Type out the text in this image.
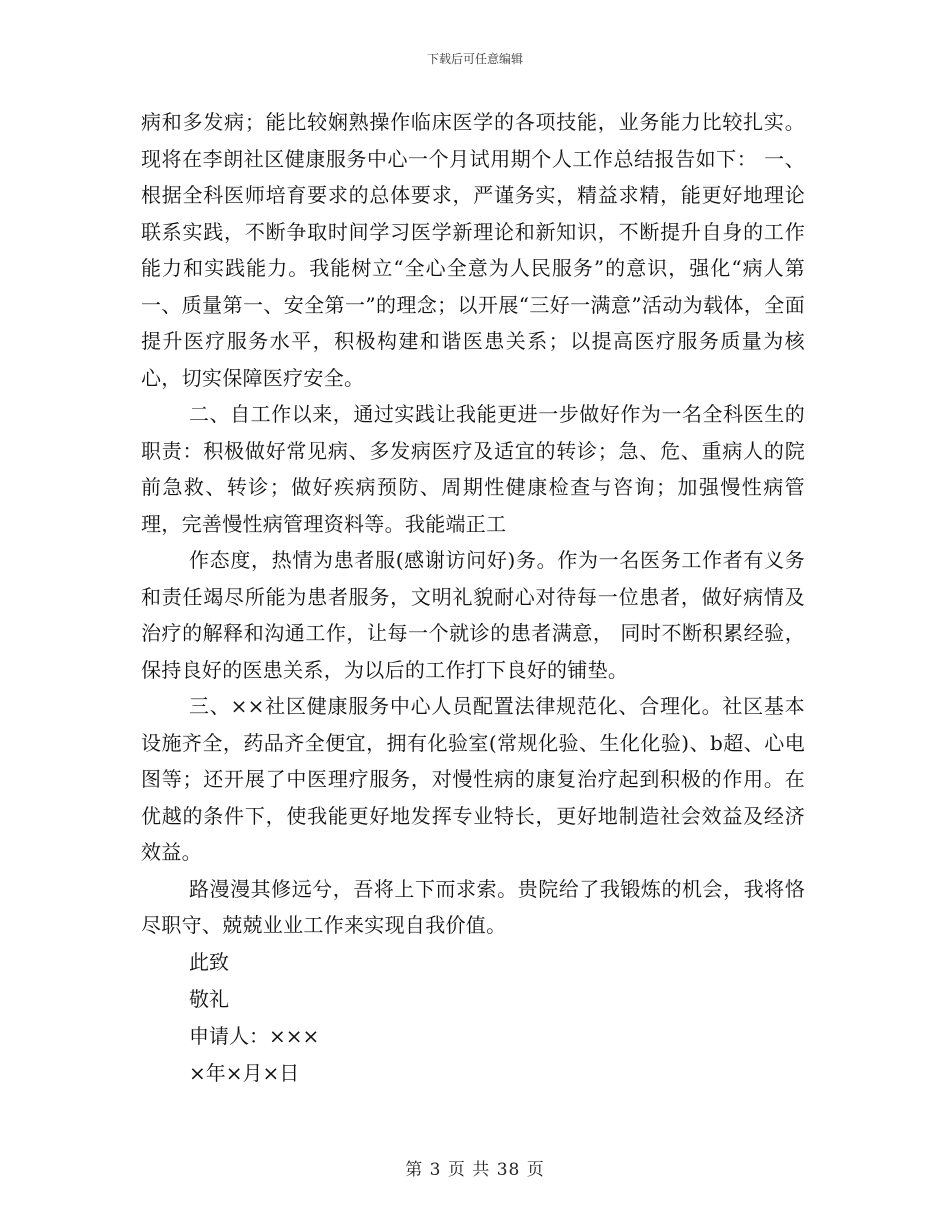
下载后可任意编辑

病和多发病；能比较娴熟操作临床医学的各项技能，业务能力比较扎实。现将在李朗社区健康服务中心一个月试用期个人工作总结报告如下： 一、根据全科医师培育要求的总体要求，严谨务实，精益求精，能更好地理论联系实践，不断争取时间学习医学新理论和新知识，不断提升自身的工作能力和实践能力。我能树立“全心全意为人民服务”的意识，强化“病人第一、质量第一、安全第一”的理念；以开展“三好一满意”活动为载体，全面提升医疗服务水平，积极构建和谐医患关系；以提高医疗服务质量为核心，切实保障医疗安全。

二、自工作以来，通过实践让我能更进一步做好作为一名全科医生的职责：积极做好常见病、多发病医疗及适宜的转诊；急、危、重病人的院前急救、转诊；做好疾病预防、周期性健康检查与咨询；加强慢性病管理，完善慢性病管理资料等。我能端正工

作态度，热情为患者服(感谢访问好)务。作为一名医务工作者有义务和责任竭尽所能为患者服务，文明礼貌耐心对待每一位患者，做好病情及治疗的解释和沟通工作，让每一个就诊的患者满意， 同时不断积累经验，保持良好的医患关系，为以后的工作打下良好的铺垫。

三、××社区健康服务中心人员配置法律规范化、合理化。社区基本设施齐全，药品齐全便宜，拥有化验室(常规化验、生化化验)、b超、心电图等；还开展了中医理疗服务，对慢性病的康复治疗起到积极的作用。在优越的条件下，使我能更好地发挥专业特长，更好地制造社会效益及经济效益。

路漫漫其修远兮，吾将上下而求索。贵院给了我锻炼的机会，我将恪尽职守、兢兢业业工作来实现自我价值。

此致

敬礼

申请人：×××

×年×月×日

第 3 页 共 38 页
